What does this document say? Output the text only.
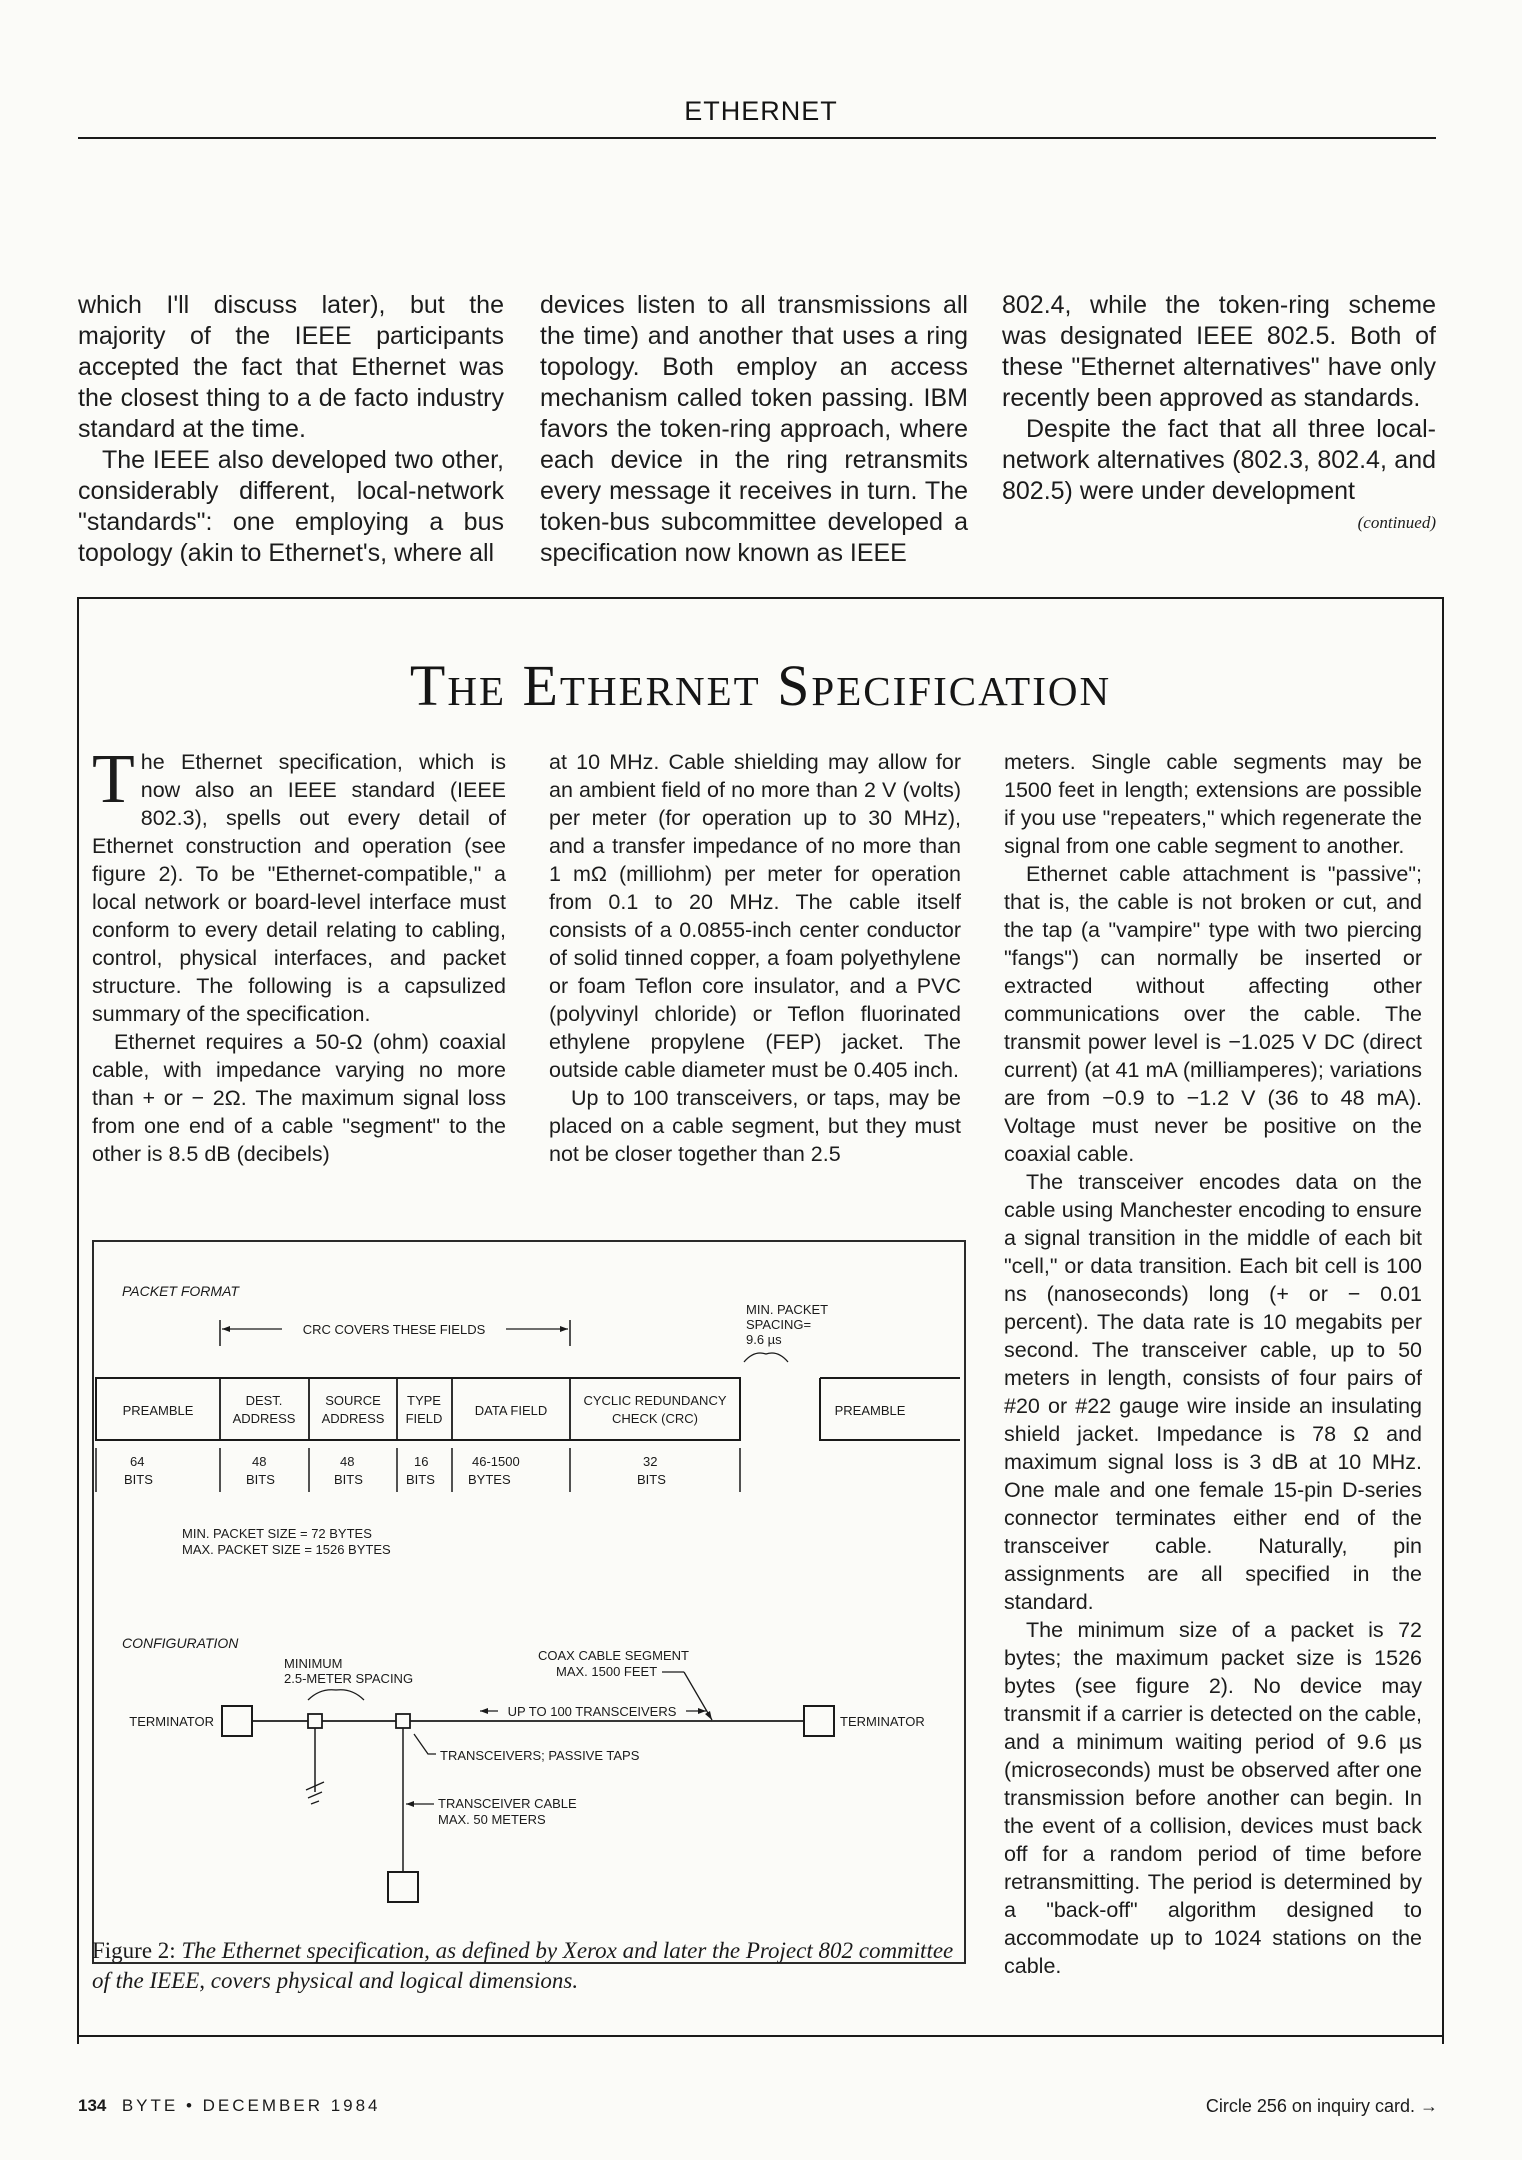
ETHERNET

which I'll discuss later), but the majority of the IEEE participants accepted the fact that Ethernet was the closest thing to a de facto industry standard at the time.

The IEEE also developed two other, considerably different, local-network "standards": one employing a bus topology (akin to Ethernet's, where all

devices listen to all transmissions all the time) and another that uses a ring topology. Both employ an access mechanism called token passing. IBM favors the token-ring approach, where each device in the ring retransmits every message it receives in turn. The token-bus subcommittee developed a specification now known as IEEE

802.4, while the token-ring scheme was designated IEEE 802.5. Both of these "Ethernet alternatives" have only recently been approved as standards.

Despite the fact that all three local-network alternatives (802.3, 802.4, and 802.5) were under development

(continued)
The Ethernet Specification

The Ethernet specification, which is now also an IEEE standard (IEEE 802.3), spells out every detail of Ethernet construction and operation (see figure 2). To be "Ethernet-compatible," a local network or board-level interface must conform to every detail relating to cabling, control, physical interfaces, and packet structure. The following is a capsulized summary of the specification.

Ethernet requires a 50-Ω (ohm) coaxial cable, with impedance varying no more than + or − 2Ω. The maximum signal loss from one end of a cable "segment" to the other is 8.5 dB (decibels)

at 10 MHz. Cable shielding may allow for an ambient field of no more than 2 V (volts) per meter (for operation up to 30 MHz), and a transfer impedance of no more than 1 mΩ (milliohm) per meter for operation from 0.1 to 20 MHz. The cable itself consists of a 0.0855-inch center conductor of solid tinned copper, a foam polyethylene or foam Teflon core insulator, and a PVC (polyvinyl chloride) or Teflon fluorinated ethylene propylene (FEP) jacket. The outside cable diameter must be 0.405 inch.

Up to 100 transceivers, or taps, may be placed on a cable segment, but they must not be closer together than 2.5

meters. Single cable segments may be 1500 feet in length; extensions are possible if you use "repeaters," which regenerate the signal from one cable segment to another.

Ethernet cable attachment is "passive"; that is, the cable is not broken or cut, and the tap (a "vampire" type with two piercing "fangs") can normally be inserted or extracted without affecting other communications over the cable. The transmit power level is −1.025 V DC (direct current) (at 41 mA (milliamperes); variations are from −0.9 to −1.2 V (36 to 48 mA). Voltage must never be positive on the coaxial cable.

The transceiver encodes data on the cable using Manchester encoding to ensure a signal transition in the middle of each bit "cell," or data transition. Each bit cell is 100 ns (nanoseconds) long (+ or − 0.01 percent). The data rate is 10 megabits per second. The transceiver cable, up to 50 meters in length, consists of four pairs of #20 or #22 gauge wire inside an insulating shield jacket. Impedance is 78 Ω and maximum signal loss is 3 dB at 10 MHz. One male and one female 15-pin D-series connector terminates either end of the transceiver cable. Naturally, pin assignments are all specified in the standard.

The minimum size of a packet is 72 bytes; the maximum packet size is 1526 bytes (see figure 2). No device may transmit if a carrier is detected on the cable, and a minimum waiting period of 9.6 µs (microseconds) must be observed after one transmission before another can begin. In the event of a collision, devices must back off for a random period of time before retransmitting. The period is determined by a "back-off" algorithm designed to accommodate up to 1024 stations on the cable.

PACKET FORMAT
CRC COVERS THESE FIELDS
MIN. PACKET
SPACING=
9.6 µs
PREAMBLE
DEST.
ADDRESS
SOURCE
ADDRESS
TYPE
FIELD
DATA FIELD
CYCLIC REDUNDANCY
CHECK (CRC)
PREAMBLE
64
BITS
48
BITS
48
BITS
16
BITS
46-1500
BYTES
32
BITS
MIN. PACKET SIZE = 72 BYTES
MAX. PACKET SIZE = 1526 BYTES
CONFIGURATION
COAX CABLE SEGMENT
MAX. 1500 FEET
MINIMUM
2.5-METER SPACING
TERMINATOR	TERMINATOR
UP TO 100 TRANSCEIVERS
TRANSCEIVERS; PASSIVE TAPS
TRANSCEIVER CABLE
MAX. 50 METERS
Figure 2: The Ethernet specification, as defined by Xerox and later the Project 802 committee of the IEEE, covers physical and logical dimensions.
134 BYTE • DECEMBER 1984	Circle 256 on inquiry card. →
